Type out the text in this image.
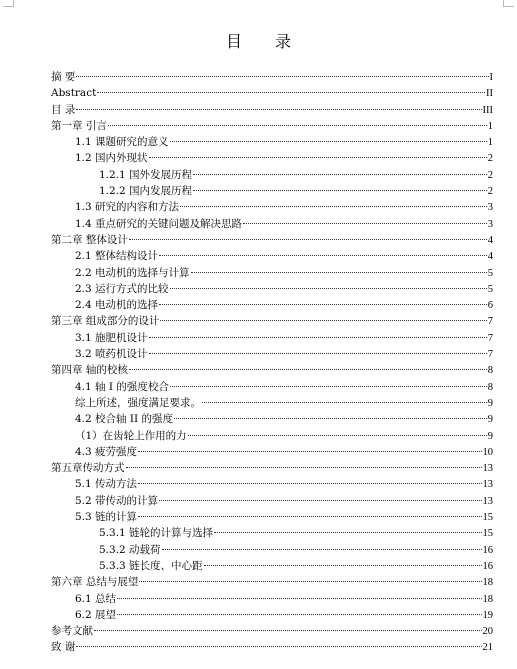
目 录
摘 要	I
Abstract	II
目 录	III
第一章 引言	1
1.1 课题研究的意义	1
1.2 国内外现状	2
1.2.1 国外发展历程	2
1.2.2 国内发展历程	2
1.3 研究的内容和方法	3
1.4 重点研究的关键问题及解决思路	3
第二章 整体设计	4
2.1 整体结构设计	4
2.2 电动机的选择与计算	5
2.3 运行方式的比较	5
2.4 电动机的选择	6
第三章 组成部分的设计	7
3.1 施肥机设计	7
3.2 喷药机设计	7
第四章 轴的校核	8
4.1 轴 I 的强度校合	8
综上所述，强度满足要求。	9
4.2 校合轴 II 的强度	9
（1）在齿轮上作用的力	9
4.3 疲劳强度	10
第五章传动方式	13
5.1 传动方法	13
5.2 带传动的计算	13
5.3 链的计算	15
5.3.1 链轮的计算与选择	15
5.3.2 动载荷	16
5.3.3 链长度、中心距	16
第六章 总结与展望	18
6.1 总结	18
6.2 展望	19
参考文献	20
致 谢	21
